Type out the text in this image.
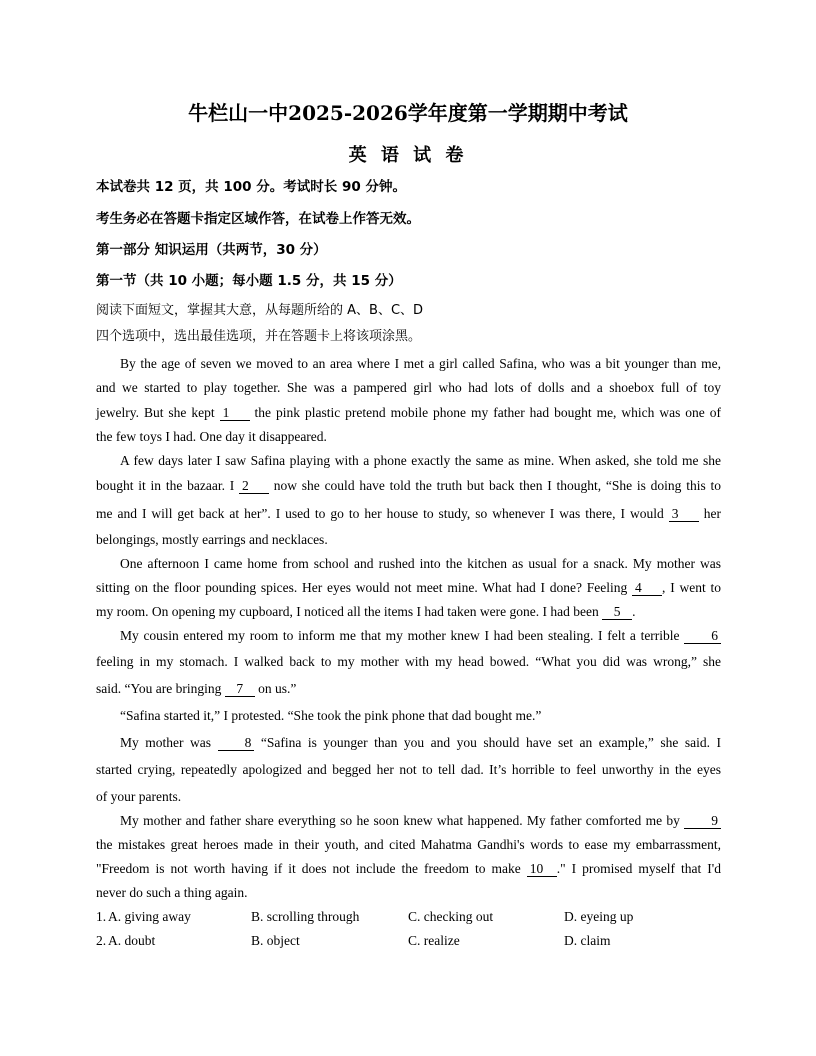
牛栏山一中2025-2026学年度第一学期期中考试
英 语 试 卷
本试卷共 12 页，共 100 分。考试时长 90 分钟。
考生务必在答题卡指定区域作答，在试卷上作答无效。
第一部分 知识运用（共两节，30 分）
第一节（共 10 小题；每小题 1.5 分，共 15 分）
阅读下面短文，掌握其大意，从每题所给的 A、B、C、D
四个选项中，选出最佳选项，并在答题卡上将该项涂黑。
By the age of seven we moved to an area where I met a girl called Safina, who was a bit younger than me,
and we started to play together. She was a pampered girl who had lots of dolls and a shoebox full of toy
jewelry. But she kept 1 the pink plastic pretend mobile phone my father had bought me, which was one of
the few toys I had. One day it disappeared.
A few days later I saw Safina playing with a phone exactly the same as mine. When asked, she told me she
bought it in the bazaar. I 2 now she could have told the truth but back then I thought, “She is doing this to
me and I will get back at her”. I used to go to her house to study, so whenever I was there, I would 3 her
belongings, mostly earrings and necklaces.
One afternoon I came home from school and rushed into the kitchen as usual for a snack. My mother was
sitting on the floor pounding spices. Her eyes would not meet mine. What had I done? Feeling 4 , I went to
my room. On opening my cupboard, I noticed all the items I had taken were gone. I had been 5 .
My cousin entered my room to inform me that my mother knew I had been stealing. I felt a terrible 6
feeling in my stomach. I walked back to my mother with my head bowed. “What you did was wrong,” she
said. “You are bringing 7 on us.”
“Safina started it,” I protested. “She took the pink phone that dad bought me.”
My mother was 8 “Safina is younger than you and you should have set an example,” she said. I
started crying, repeatedly apologized and begged her not to tell dad. It’s horrible to feel unworthy in the eyes
of your parents.
My mother and father share everything so he soon knew what happened. My father comforted me by 9
the mistakes great heroes made in their youth, and cited Mahatma Gandhi's words to ease my embarrassment,
"Freedom is not worth having if it does not include the freedom to make 10 ." I promised myself that I'd
never do such a thing again.
1. A. giving away	B. scrolling through	C. checking out	D. eyeing up
2. A. doubt	B. object	C. realize	D. claim
